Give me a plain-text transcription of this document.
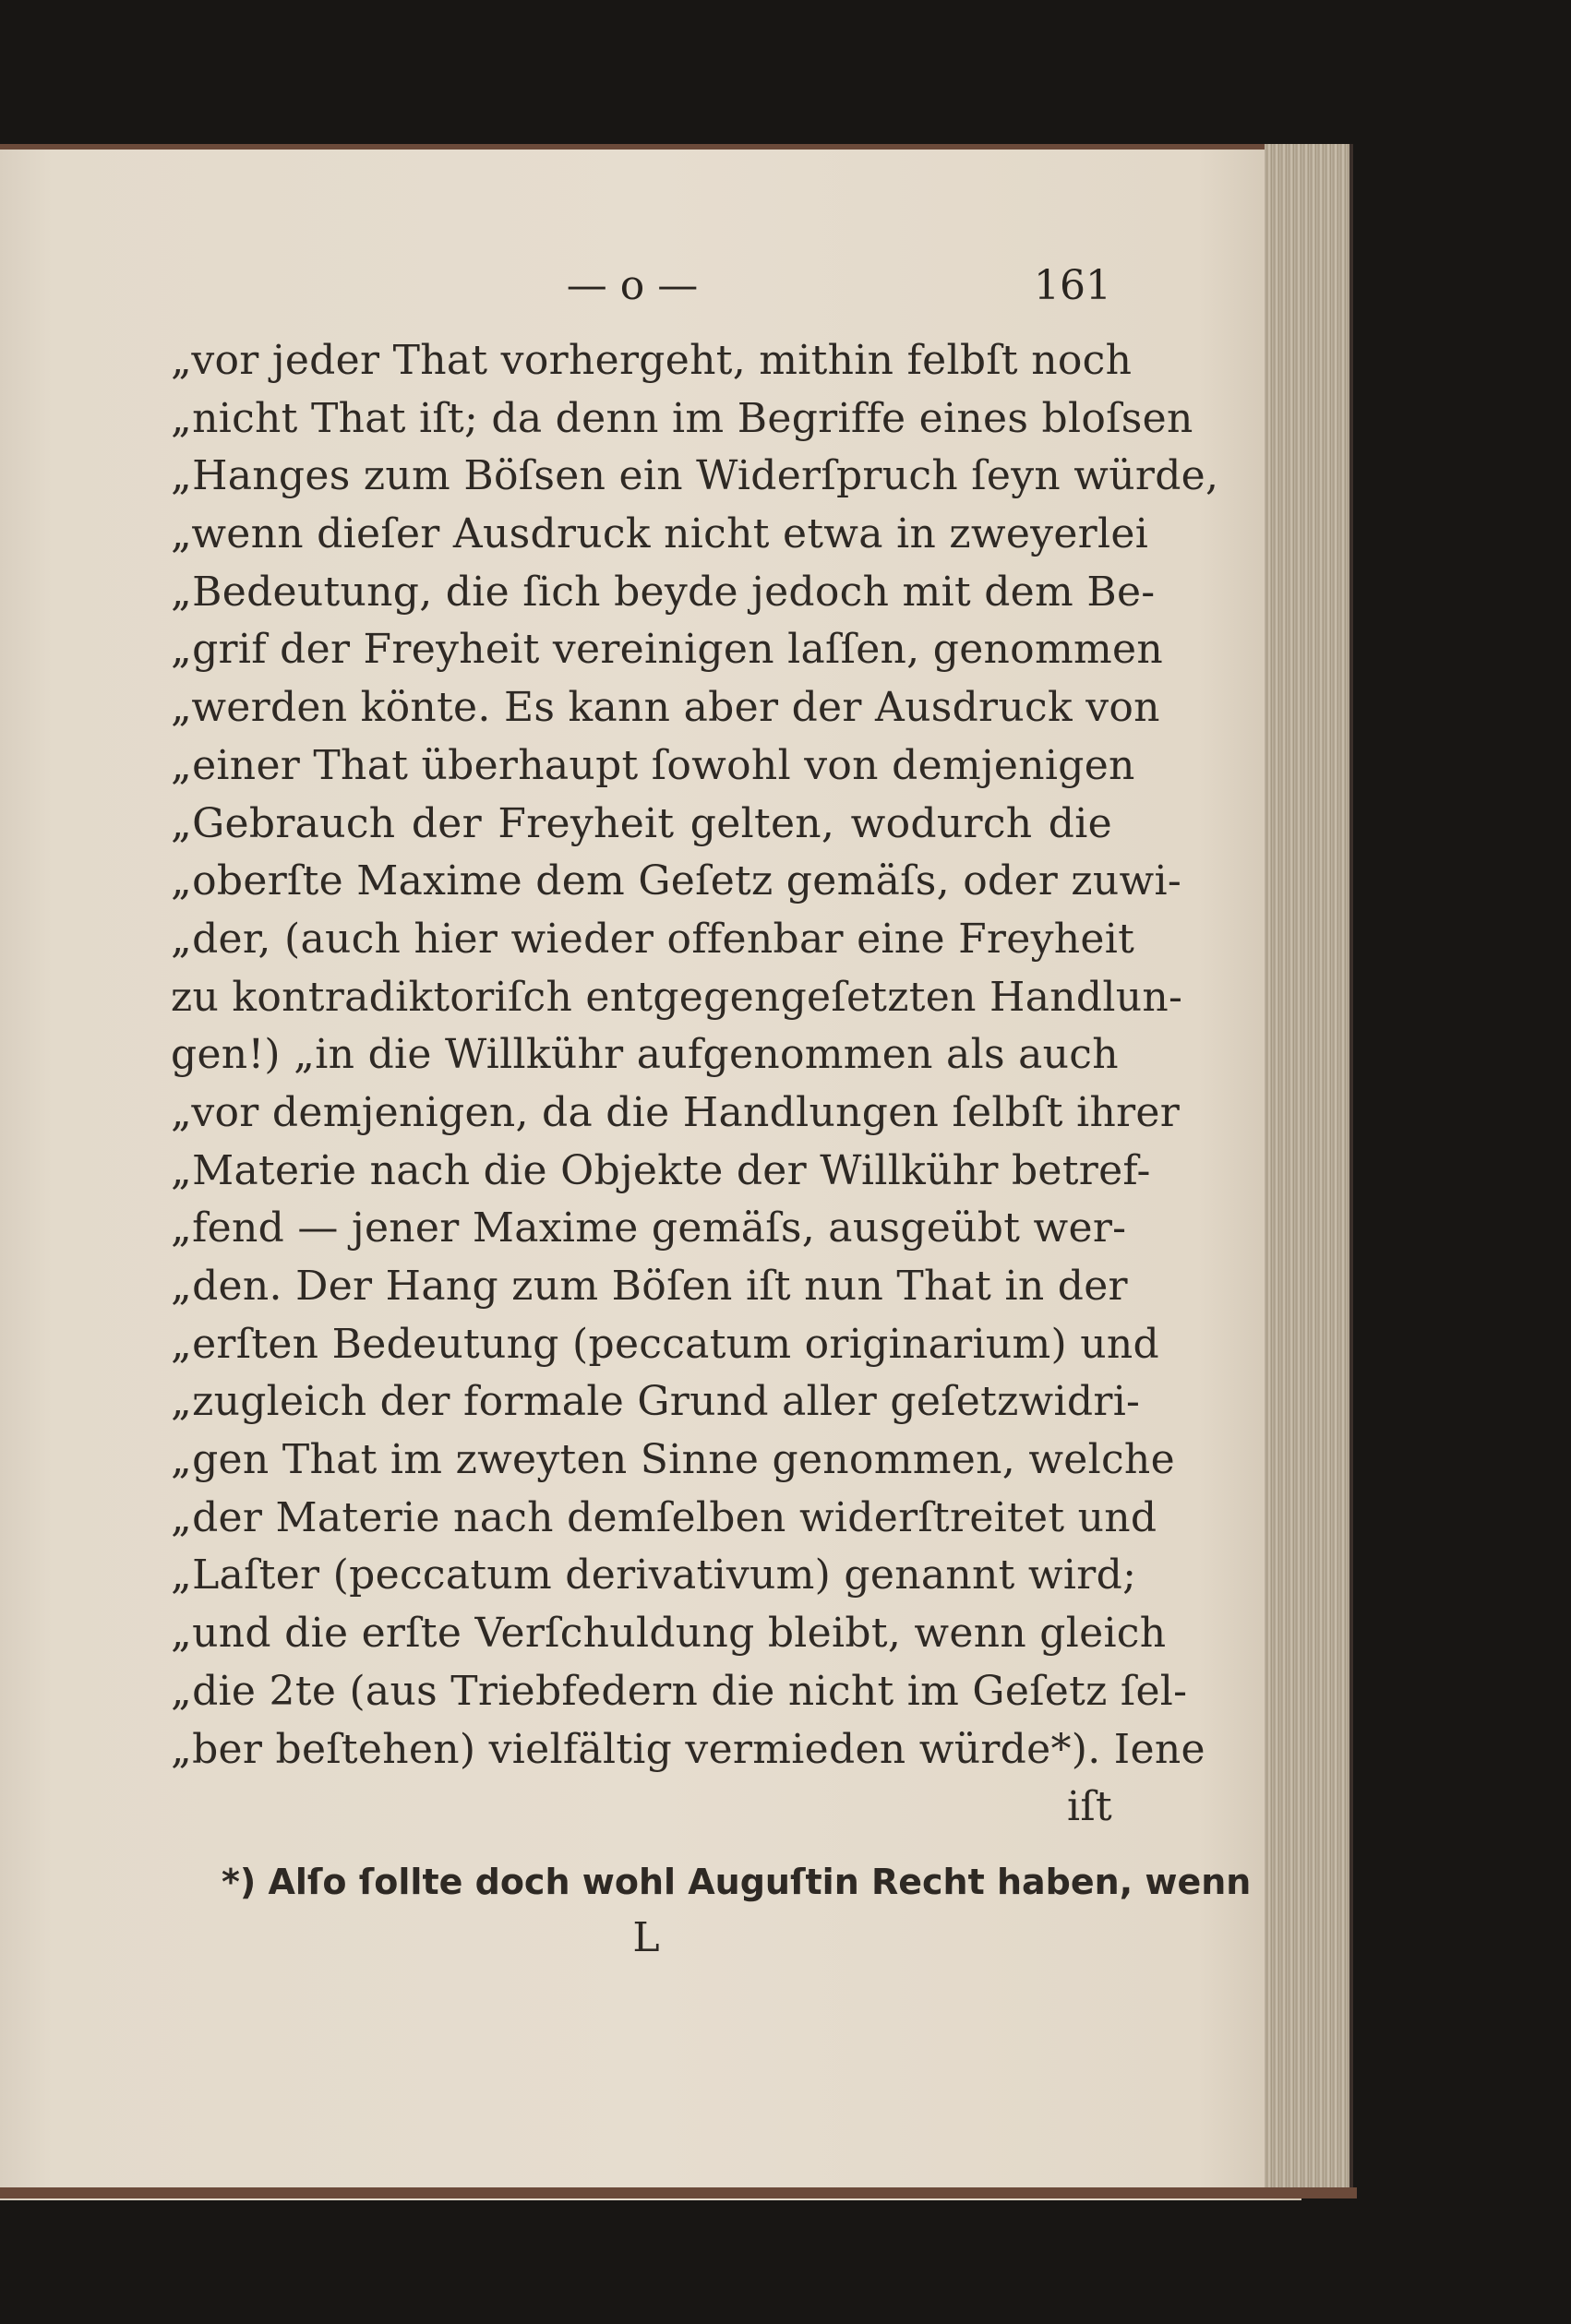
— o —	161
„vor jeder That vorhergeht, mithin felbſt noch
„nicht That iſt; da denn im Begriffe eines bloſsen
„Hanges zum Böſsen ein Widerſpruch ſeyn würde,
„wenn dieſer Ausdruck nicht etwa in zweyerlei
„Bedeutung, die ſich beyde jedoch mit dem Be-
„grif der Freyheit vereinigen laſſen, genommen
„werden könte. Es kann aber der Ausdruck von
„einer That überhaupt ſowohl von demjenigen
„Gebrauch der Freyheit gelten, wodurch die
„oberſte Maxime dem Geſetz gemäſs, oder zuwi-
„der, (auch hier wieder offenbar eine Freyheit
zu kontradiktoriſch entgegengeſetzten Handlun-
gen!) „in die Willkühr aufgenommen als auch
„vor demjenigen, da die Handlungen ſelbſt ihrer
„Materie nach die Objekte der Willkühr betref-
„fend — jener Maxime gemäſs, ausgeübt wer-
„den. Der Hang zum Böſen iſt nun That in der
„erſten Bedeutung (peccatum originarium) und
„zugleich der formale Grund aller geſetzwidri-
„gen That im zweyten Sinne genommen, welche
„der Materie nach demſelben widerſtreitet und
„Laſter (peccatum derivativum) genannt wird;
„und die erſte Verſchuldung bleibt, wenn gleich
„die 2te (aus Triebfedern die nicht im Geſetz ſel-
„ber beſtehen) vielfältig vermieden würde*). Iene
iſt
*) Alſo ſollte doch wohl Auguſtin Recht haben, wenn
L
